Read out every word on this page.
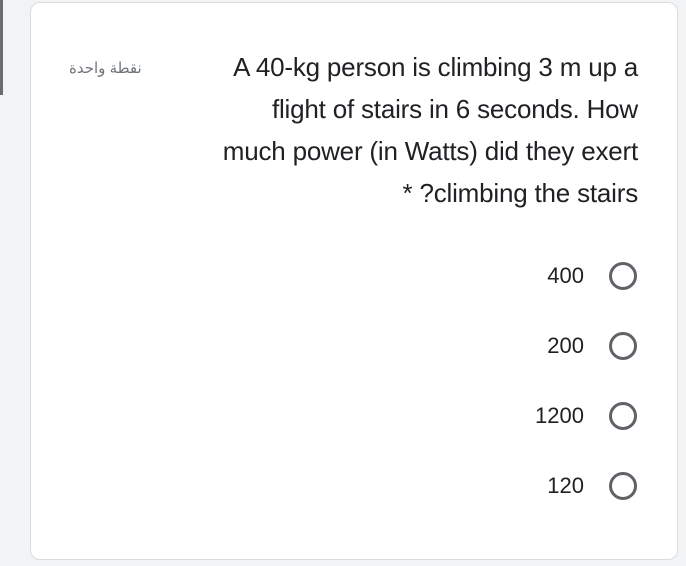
نقطة واحدة	A 40-kg person is climbing 3 m up a
flight of stairs in 6 seconds. How
much power (in Watts) did they exert
* ?climbing the stairs
400
200
1200
120
